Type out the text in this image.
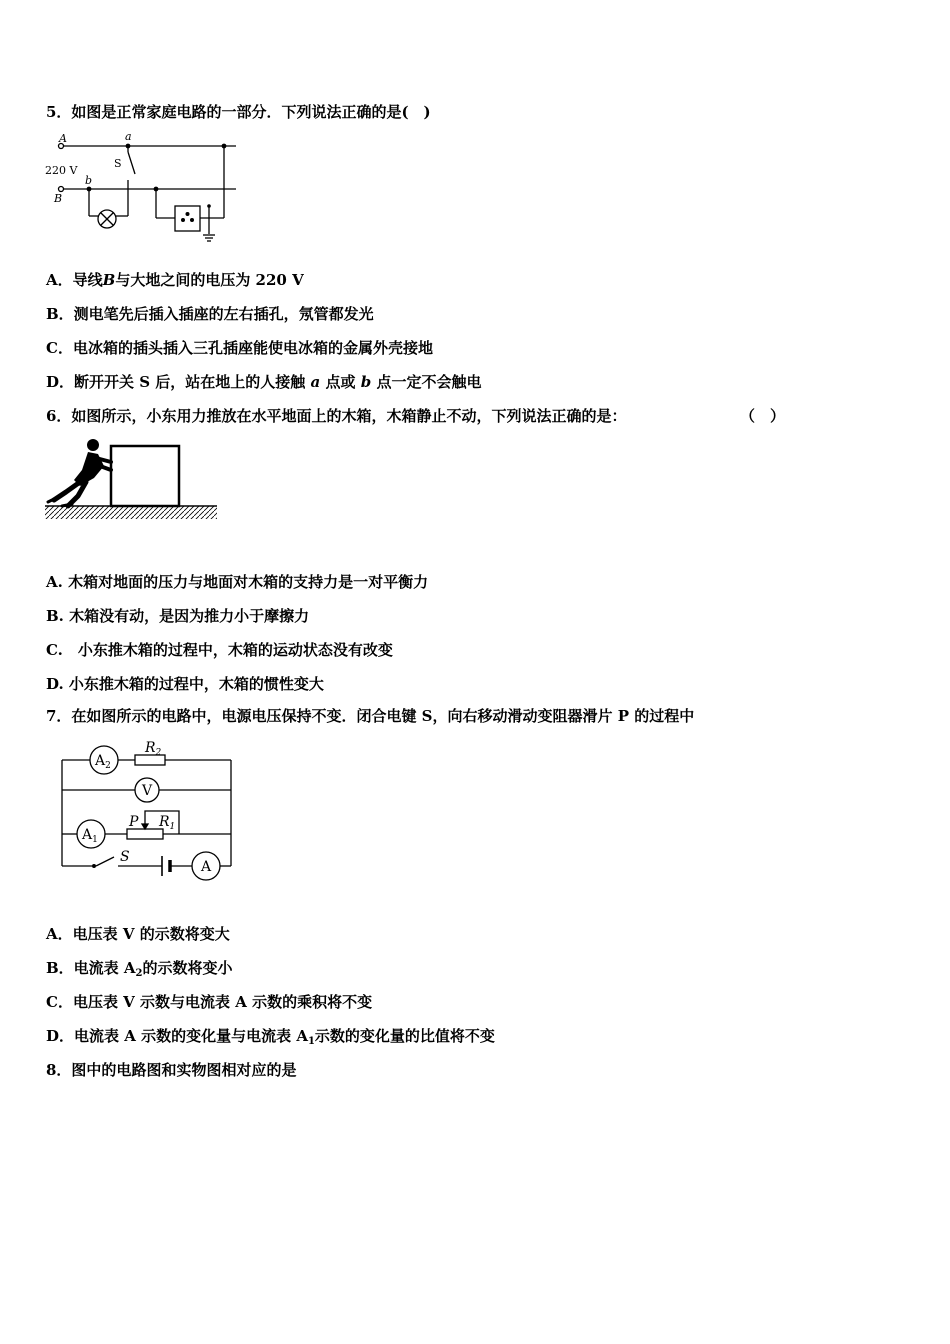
5．如图是正常家庭电路的一部分．下列说法正确的是(　)
A
220 V
B
a
b
S
A．导线B与大地之间的电压为 220 V
B．测电笔先后插入插座的左右插孔，氖管都发光
C．电冰箱的插头插入三孔插座能使电冰箱的金属外壳接地
D．断开开关 S 后，站在地上的人接触 a 点或 b 点一定不会触电
6．如图所示，小东用力推放在水平地面上的木箱，木箱静止不动，下列说法正确的是：	（　）
A. 木箱对地面的压力与地面对木箱的支持力是一对平衡力
B. 木箱没有动，是因为推力小于摩擦力
C.　小东推木箱的过程中，木箱的运动状态没有改变
D. 小东推木箱的过程中，木箱的惯性变大
7．在如图所示的电路中，电源电压保持不变．闭合电键 S，向右移动滑动变阻器滑片 P 的过程中
$A_2$
$R_2$
V
$A_1$
P $R_1$
S
A
A．电压表 V 的示数将变大
B．电流表 $A_2$的示数将变小
C．电压表 V 示数与电流表 A 示数的乘积将不变
D．电流表 A 示数的变化量与电流表 $A_1$示数的变化量的比值将不变
8．图中的电路图和实物图相对应的是
